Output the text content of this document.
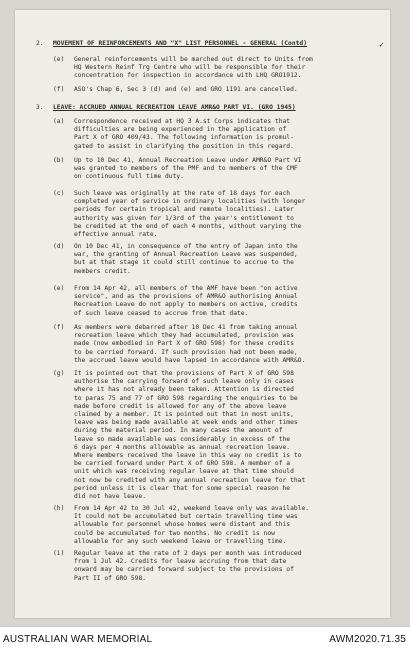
✓
2. MOVEMENT OF REINFORCEMENTS AND "X" LIST PERSONNEL - GENERAL (Contd)
(e) General reinforcements will be marched out direct to Units from
HQ Western Reinf Trg Centre who will be responsible for their
concentration for inspection in accordance with LHQ GRO1912.
(f) ASO's Chap 6, Sec 3 (d) and (e) and GRO 1191 are cancelled.
3. LEAVE: ACCRUED ANNUAL RECREATION LEAVE AMR&O PART VI. (GRO 1945)
(a) Correspondence received at HQ 3 A.st Corps indicates that
difficulties are being experienced in the application of
Part X of GRO 409/43. The following information is promul-
gated to assist in clarifying the position in this regard.
(b) Up to 10 Dec 41, Annual Recreation Leave under AMR&O Part VI
was granted to members of the PMF and to members of the CMF
on continuous full time duty.
(c) Such leave was originally at the rate of 18 days for each
completed year of service in ordinary localities (with longer
periods for certain tropical and remote localities). Later
authority was given for 1/3rd of the year's entitlement to
be credited at the end of each 4 months, without varying the
effective annual rate.
(d) On 10 Dec 41, in consequence of the entry of Japan into the
war, the granting of Annual Recreation Leave was suspended,
but at that stage it could still continue to accrue to the
members credit.
(e) From 14 Apr 42, all members of the AMF have been "on active
service", and as the provisions of AMR&O authorising Annual
Recreation Leave do not apply to members on active, credits
of such leave ceased to accrue from that date.
(f) As members were debarred after 10 Dec 41 from taking annual
recreation leave which they had accumulated, provision was
made (now embodied in Part X of GRO 598) for these credits
to be carried forward. If such provision had not been made,
the accrued leave would have lapsed in accordance with AMR&O.
(g) It is pointed out that the provisions of Part X of GRO 598
authorise the carrying forward of such leave only in cases
where it has not already been taken. Attention is directed
to paras 75 and 77 of GRO 598 regarding the enquiries to be
made before credit is allowed for any of the above leave
claimed by a member. It is pointed out that in most units,
leave was being made available at week ends and other times
during the material period. In many cases the amount of
leave so made available was considerably in excess of the
6 days per 4 months allowable as annual recreation leave.
Where members received the leave in this way no credit is to
be carried forward under Part X of GRO 598. A member of a
unit which was receiving regular leave at that time should
not now be credited with any annual recreation leave for that
period unless it is clear that for some special reason he
did not have leave.
(h) From 14 Apr 42 to 30 Jul 42, weekend leave only was available.
It could not be accumulated but certain travelling time was
allowable for personnel whose homes were distant and this
could be accumulated for two months. No credit is now
allowable for any such weekend leave or travelling time.
(i) Regular leave at the rate of 2 days per month was introduced
from 1 Jul 42. Credits for leave accruing from that date
onward may be carried forward subject to the provisions of
Part II of GRO 598.
AUSTRALIAN WAR MEMORIAL	AWM2020.71.35
